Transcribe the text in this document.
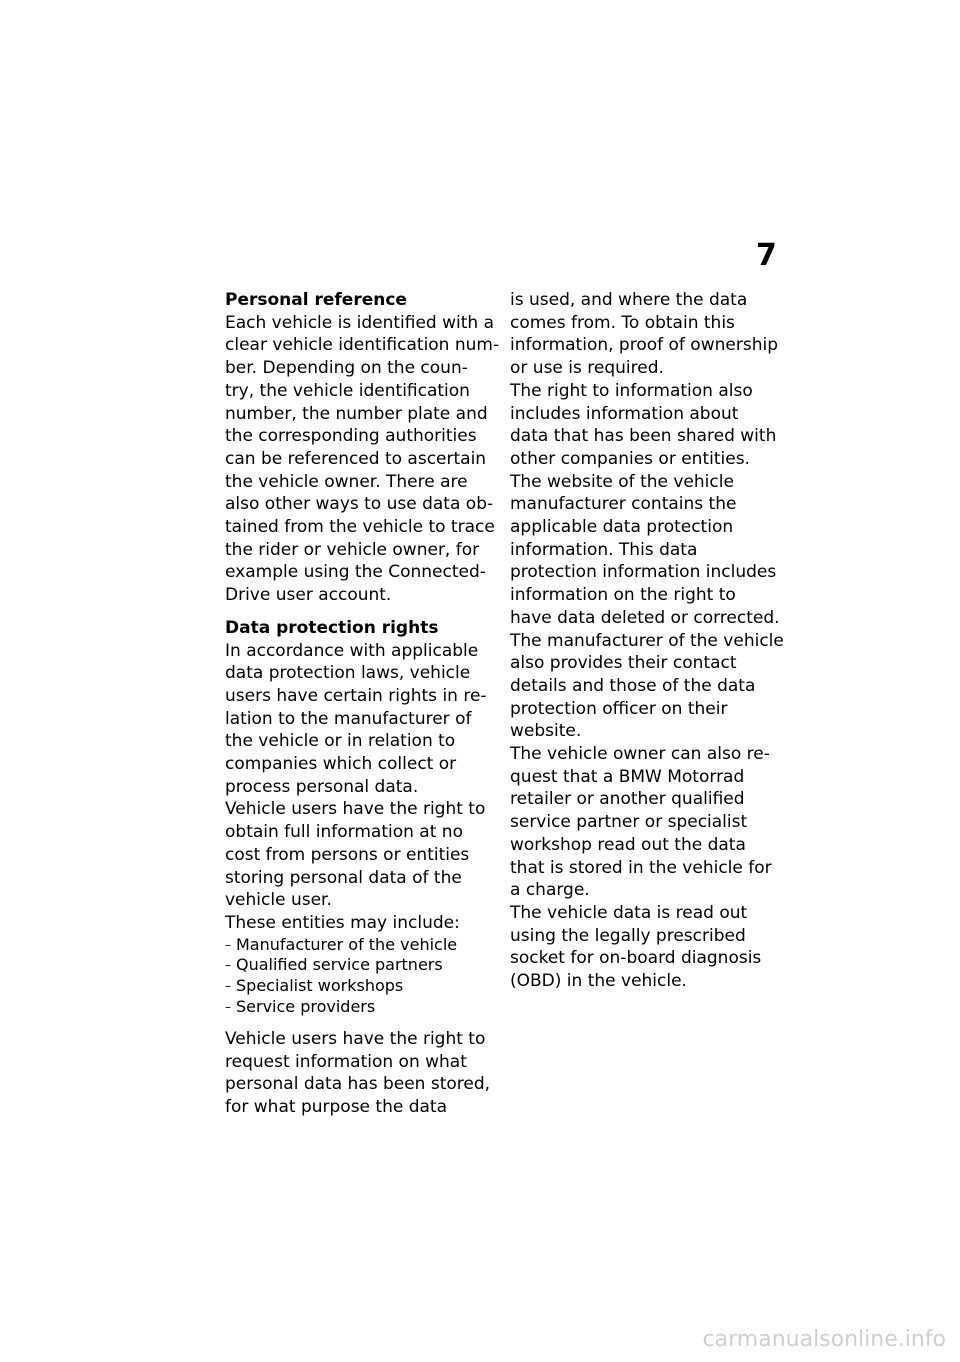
7
Personal reference
Each vehicle is identified with a
clear vehicle identification num-
ber. Depending on the coun-
try, the vehicle identification
number, the number plate and
the corresponding authorities
can be referenced to ascertain
the vehicle owner. There are
also other ways to use data ob-
tained from the vehicle to trace
the rider or vehicle owner, for
example using the Connected-
Drive user account.
Data protection rights
In accordance with applicable
data protection laws, vehicle
users have certain rights in re-
lation to the manufacturer of
the vehicle or in relation to
companies which collect or
process personal data.
Vehicle users have the right to
obtain full information at no
cost from persons or entities
storing personal data of the
vehicle user.
These entities may include:
– Manufacturer of the vehicle
– Qualified service partners
– Specialist workshops
– Service providers
Vehicle users have the right to
request information on what
personal data has been stored,
for what purpose the data
is used, and where the data
comes from. To obtain this
information, proof of ownership
or use is required.
The right to information also
includes information about
data that has been shared with
other companies or entities.
The website of the vehicle
manufacturer contains the
applicable data protection
information. This data
protection information includes
information on the right to
have data deleted or corrected.
The manufacturer of the vehicle
also provides their contact
details and those of the data
protection officer on their
website.
The vehicle owner can also re-
quest that a BMW Motorrad
retailer or another qualified
service partner or specialist
workshop read out the data
that is stored in the vehicle for
a charge.
The vehicle data is read out
using the legally prescribed
socket for on-board diagnosis
(OBD) in the vehicle.
carmanualsonline.info
